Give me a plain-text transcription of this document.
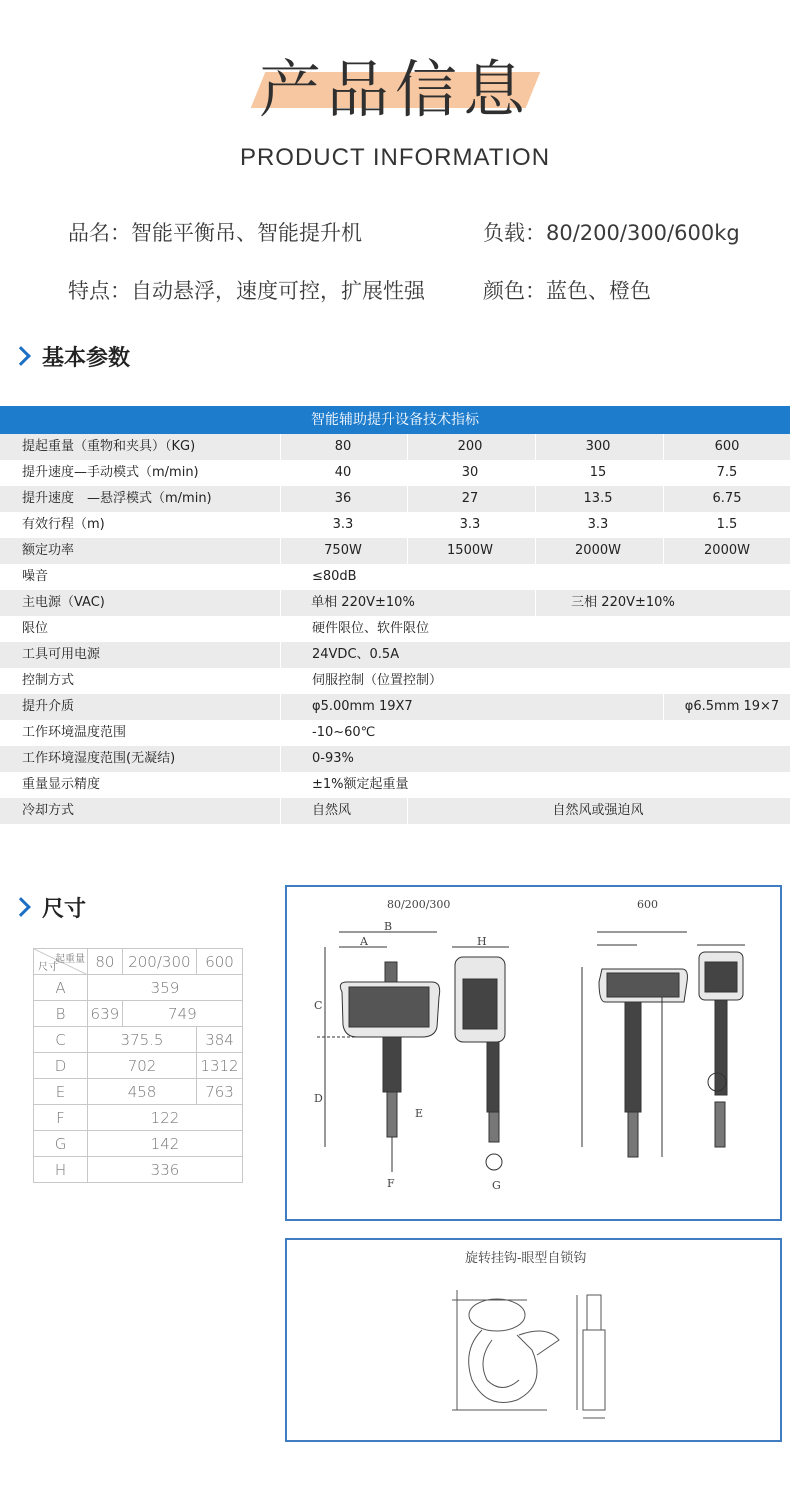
产品信息
PRODUCT INFORMATION
品名：智能平衡吊、智能提升机	负载：80/200/300/600kg
特点：自动悬浮，速度可控，扩展性强	颜色：蓝色、橙色
基本参数
智能辅助提升设备技术指标
提起重量（重物和夹具）（KG)	80	200	300	600
提升速度—手动模式（m/min)	40	30	15	7.5
提升速度　—悬浮模式（m/min)	36	27	13.5	6.75
有效行程（m)	3.3	3.3	3.3	1.5
额定功率	750W	1500W	2000W	2000W
噪音	≤80dB
主电源（VAC)	单相 220V±10%	三相 220V±10%
限位	硬件限位、软件限位
工具可用电源	24VDC、0.5A
控制方式	伺服控制（位置控制）
提升介质	φ5.00mm 19X7	φ6.5mm 19×7
工作环境温度范围	-10~60℃
工作环境湿度范围(无凝结)	0-93%
重量显示精度	±1%额定起重量
冷却方式	自然风	自然风或强迫风
尺寸
起重量
尺寸	80	200/300	600
A	359		
B	639	749	
C	375.5		384
D	702		1312
E	458		763
F	122		
G	142		
H	336		
80/200/300	600
A
B
C
D
E
F
H
G
旋转挂钩-眼型自锁钩
